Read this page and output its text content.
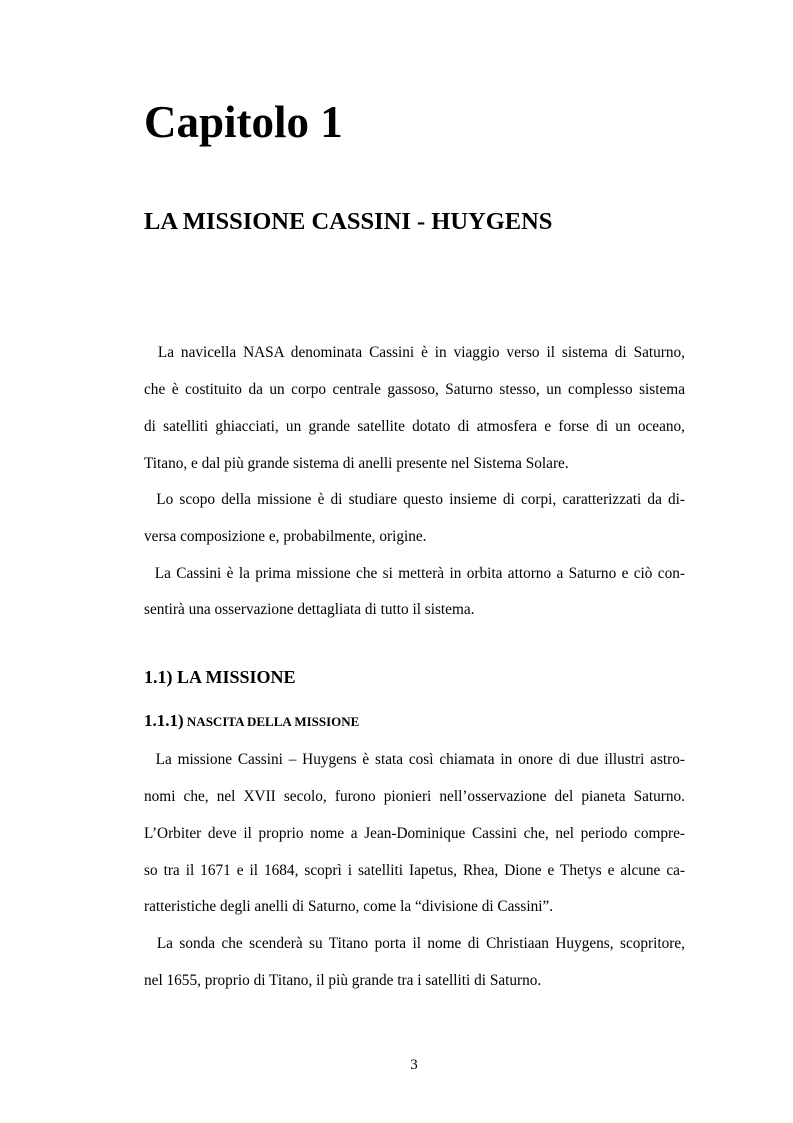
Capitolo 1
LA MISSIONE CASSINI - HUYGENS

La navicella NASA denominata Cassini è in viaggio verso il sistema di Saturno,

che è costituito da un corpo centrale gassoso, Saturno stesso, un complesso sistema

di satelliti ghiacciati, un grande satellite dotato di atmosfera e forse di un oceano,

Titano, e dal più grande sistema di anelli presente nel Sistema Solare.

Lo scopo della missione è di studiare questo insieme di corpi, caratterizzati da di-

versa composizione e, probabilmente, origine.

La Cassini è la prima missione che si metterà in orbita attorno a Saturno e ciò con-

sentirà una osservazione dettagliata di tutto il sistema.

1.1) LA MISSIONE
1.1.1) NASCITA DELLA MISSIONE

La missione Cassini – Huygens è stata così chiamata in onore di due illustri astro-

nomi che, nel XVII secolo, furono pionieri nell’osservazione del pianeta Saturno.

L’Orbiter deve il proprio nome a Jean-Dominique Cassini che, nel periodo compre-

so tra il 1671 e il 1684, scoprì i satelliti Iapetus, Rhea, Dione e Thetys e alcune ca-

ratteristiche degli anelli di Saturno, come la “divisione di Cassini”.

La sonda che scenderà su Titano porta il nome di Christiaan Huygens, scopritore,

nel 1655, proprio di Titano, il più grande tra i satelliti di Saturno.

3
